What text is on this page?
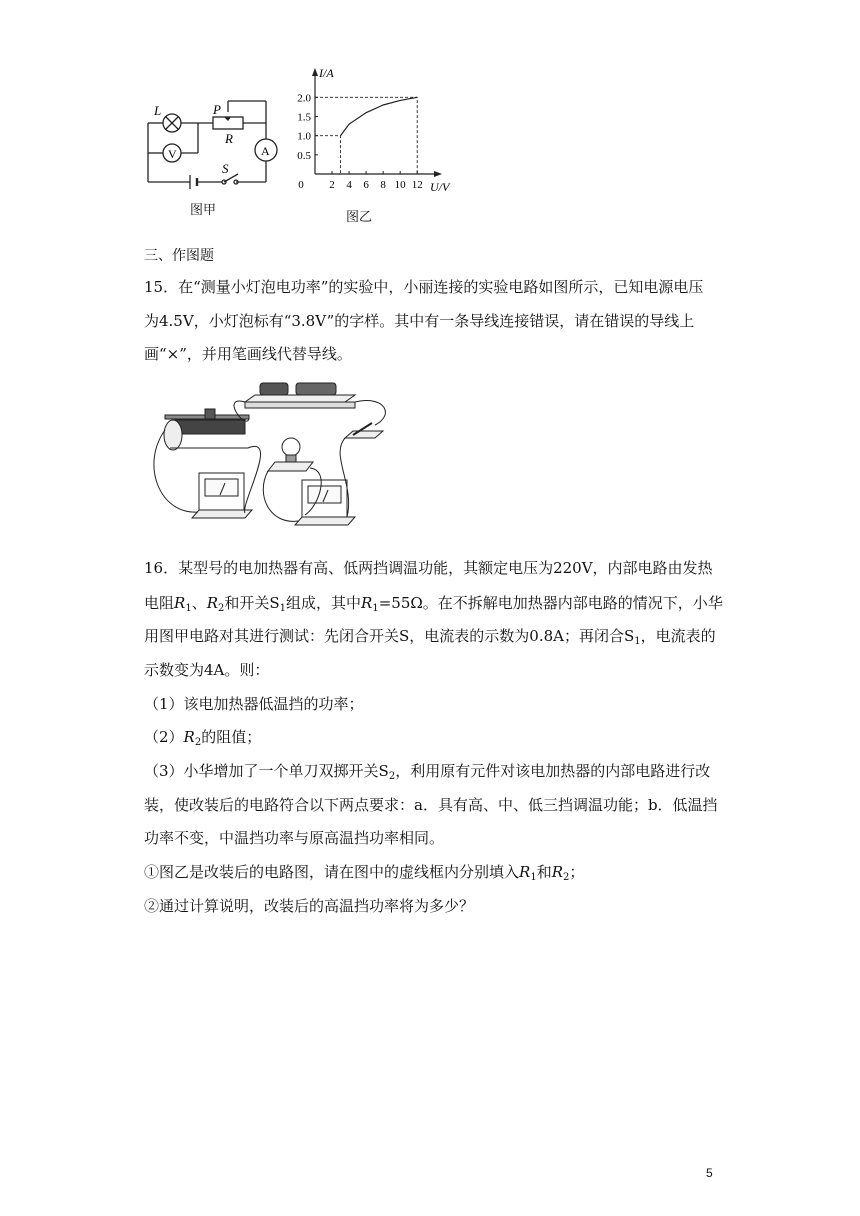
L	P
R
V	A
S
图甲
I/A
U/V
0 2 4 6 8 10 12
0.5
1.0
1.5
2.0
图乙
三、作图题
15．在“测量小灯泡电功率”的实验中，小丽连接的实验电路如图所示，已知电源电压
为4.5V，小灯泡标有“3.8V”的字样。其中有一条导线连接错误，请在错误的导线上
画“×”，并用笔画线代替导线。
16．某型号的电加热器有高、低两挡调温功能，其额定电压为220V，内部电路由发热
电阻$R_1$、$R_2$和开关$S_1$组成，其中$R_1=55\Omega$。在不拆解电加热器内部电路的情况下，小华
用图甲电路对其进行测试：先闭合开关S，电流表的示数为0.8A；再闭合$S_1$，电流表的
示数变为4A。则：
（1）该电加热器低温挡的功率；
$(2)R_2$的阻值；
（3）小华增加了一个单刀双掷开关$S_2$，利用原有元件对该电加热器的内部电路进行改
装，使改装后的电路符合以下两点要求：a．具有高、中、低三挡调温功能；b．低温挡
功率不变，中温挡功率与原高温挡功率相同。
①图乙是改装后的电路图，请在图中的虚线框内分别填入$R_1$和$R_2$；
②通过计算说明，改装后的高温挡功率将为多少？
5
